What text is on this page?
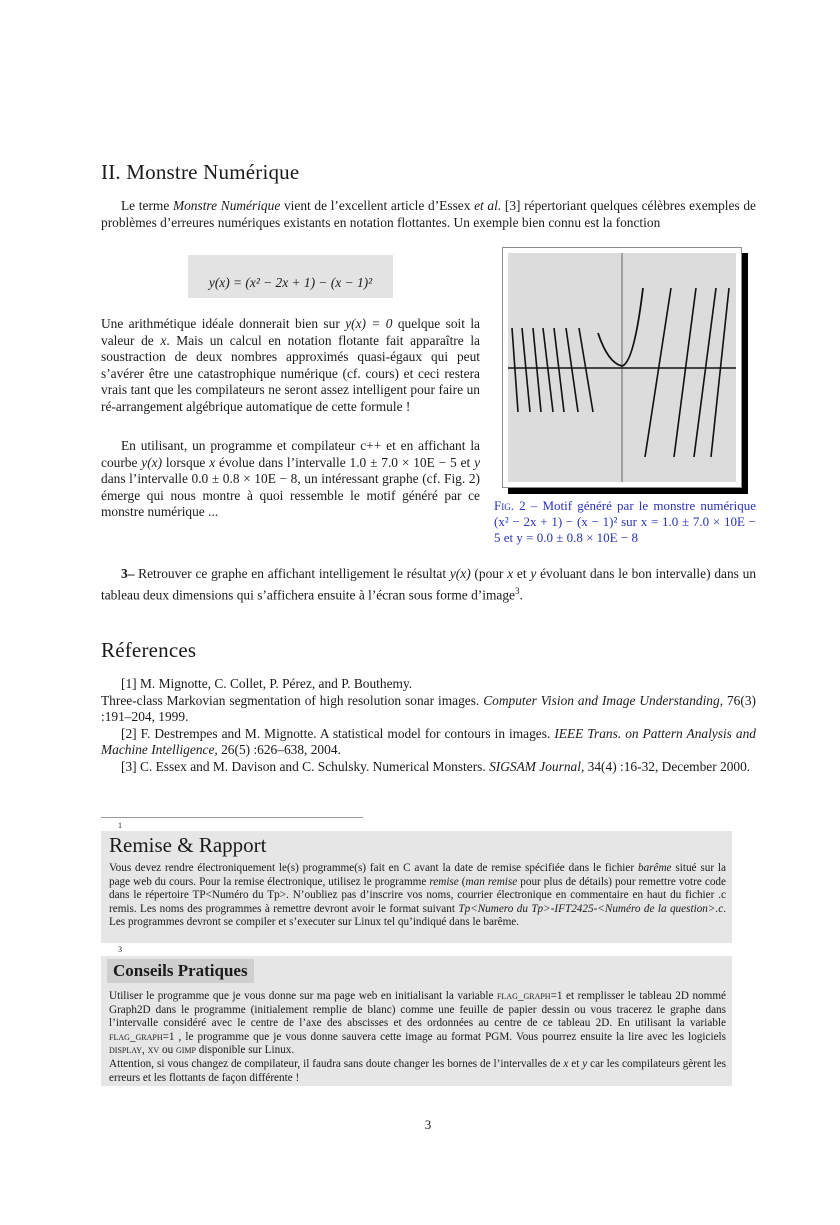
II. Monstre Numérique

Le terme Monstre Numérique vient de l’excellent article d’Essex et al. [3] répertoriant quelques célèbres exemples de problèmes d’erreures numériques existants en notation flottantes. Un exemple bien connu est la fonction

y(x) = (x² − 2x + 1) − (x − 1)²

Une arithmétique idéale donnerait bien sur y(x) = 0 quelque soit la valeur de x. Mais un calcul en notation flotante fait apparaître la soustraction de deux nombres approximés quasi-égaux qui peut s’avérer être une catastrophique numérique (cf. cours) et ceci restera vrais tant que les compilateurs ne seront assez intelligent pour faire un ré-arrangement algébrique automatique de cette formule !

En utilisant, un programme et compilateur c++ et en affichant la courbe y(x) lorsque x évolue dans l’intervalle 1.0 ± 7.0 × 10E − 5 et y dans l’intervalle 0.0 ± 0.8 × 10E − 8, un intéressant graphe (cf. Fig. 2) émerge qui nous montre à quoi ressemble le motif généré par ce monstre numérique ...	Fig. 2 – Motif généré par le monstre numérique (x² − 2x + 1) − (x − 1)² sur x = 1.0 ± 7.0 × 10E − 5 et y = 0.0 ± 0.8 × 10E − 8

3– Retrouver ce graphe en affichant intelligement le résultat y(x) (pour x et y évoluant dans le bon intervalle) dans un tableau deux dimensions qui s’affichera ensuite à l’écran sous forme d’image$^3$.

Réferences

[1] M. Mignotte, C. Collet, P. Pérez, and P. Bouthemy.
Three-class Markovian segmentation of high resolution sonar images. Computer Vision and Image Understanding, 76(3) :191–204, 1999.

[2] F. Destrempes and M. Mignotte. A statistical model for contours in images. IEEE Trans. on Pattern Analysis and Machine Intelligence, 26(5) :626–638, 2004.

[3] C. Essex and M. Davison and C. Schulsky. Numerical Monsters. SIGSAM Journal, 34(4) :16-32, December 2000.

1
Remise & Rapport

Vous devez rendre électroniquement le(s) programme(s) fait en C avant la date de remise spécifiée dans le fichier barême situé sur la page web du cours. Pour la remise électronique, utilisez le programme remise (man remise pour plus de détails) pour remettre votre code dans le répertoire TP<Numéro du Tp>. N’oubliez pas d’inscrire vos noms, courrier électronique en commentaire en haut du fichier .c remis. Les noms des programmes à remettre devront avoir le format suivant Tp<Numero du Tp>-IFT2425-<Numéro de la question>.c. Les programmes devront se compiler et s’executer sur Linux tel qu’indiqué dans le barême.

3
Conseils Pratiques

Utiliser le programme que je vous donne sur ma page web en initialisant la variable flag_graph=1 et remplisser le tableau 2D nommé Graph2D dans le programme (initialement remplie de blanc) comme une feuille de papier dessin ou vous tracerez le graphe dans l’intervalle considéré avec le centre de l’axe des abscisses et des ordonnées au centre de ce tableau 2D. En utilisant la variable flag_graph=1 , le programme que je vous donne sauvera cette image au format PGM. Vous pourrez ensuite la lire avec les logiciels display, xv ou gimp disponible sur Linux.
Attention, si vous changez de compilateur, il faudra sans doute changer les bornes de l’intervalles de x et y car les compilateurs gèrent les erreurs et les flottants de façon différente !

3
